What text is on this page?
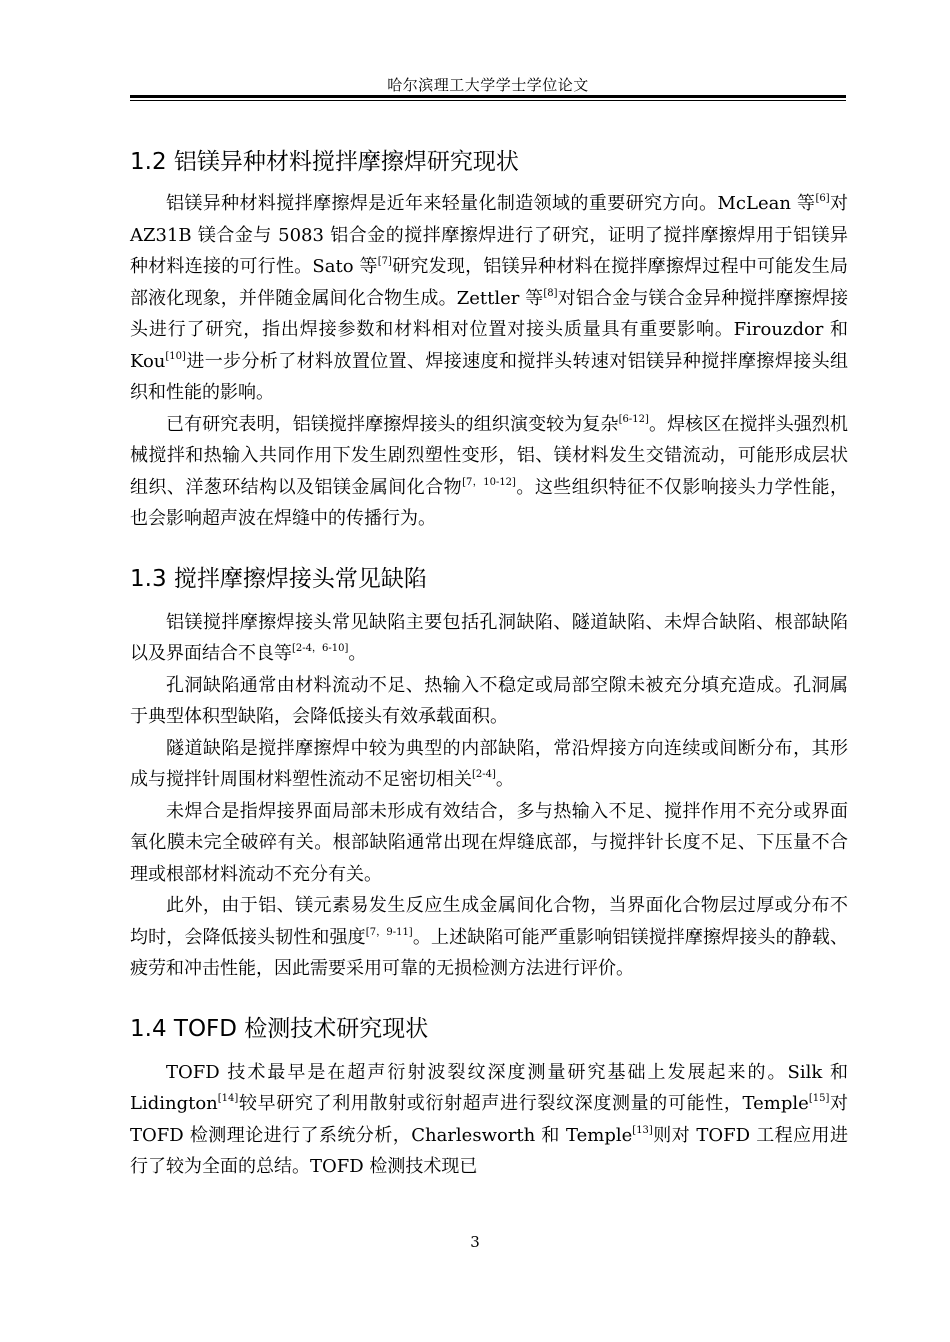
哈尔滨理工大学学士学位论文
1.2 铝镁异种材料搅拌摩擦焊研究现状

铝镁异种材料搅拌摩擦焊是近年来轻量化制造领域的重要研究方向。McLean 等[6]对 AZ31B 镁合金与 5083 铝合金的搅拌摩擦焊进行了研究，证明了搅拌摩擦焊用于铝镁异种材料连接的可行性。Sato 等[7]研究发现，铝镁异种材料在搅拌摩擦焊过程中可能发生局部液化现象，并伴随金属间化合物生成。Zettler 等[8]对铝合金与镁合金异种搅拌摩擦焊接头进行了研究，指出焊接参数和材料相对位置对接头质量具有重要影响。Firouzdor 和 Kou[10]进一步分析了材料放置位置、焊接速度和搅拌头转速对铝镁异种搅拌摩擦焊接头组织和性能的影响。

已有研究表明，铝镁搅拌摩擦焊接头的组织演变较为复杂[6-12]。焊核区在搅拌头强烈机械搅拌和热输入共同作用下发生剧烈塑性变形，铝、镁材料发生交错流动，可能形成层状组织、洋葱环结构以及铝镁金属间化合物[7，10-12]。这些组织特征不仅影响接头力学性能，也会影响超声波在焊缝中的传播行为。

1.3 搅拌摩擦焊接头常见缺陷

铝镁搅拌摩擦焊接头常见缺陷主要包括孔洞缺陷、隧道缺陷、未焊合缺陷、根部缺陷以及界面结合不良等[2-4，6-10]。

孔洞缺陷通常由材料流动不足、热输入不稳定或局部空隙未被充分填充造成。孔洞属于典型体积型缺陷，会降低接头有效承载面积。

隧道缺陷是搅拌摩擦焊中较为典型的内部缺陷，常沿焊接方向连续或间断分布，其形成与搅拌针周围材料塑性流动不足密切相关[2-4]。

未焊合是指焊接界面局部未形成有效结合，多与热输入不足、搅拌作用不充分或界面氧化膜未完全破碎有关。根部缺陷通常出现在焊缝底部，与搅拌针长度不足、下压量不合理或根部材料流动不充分有关。

此外，由于铝、镁元素易发生反应生成金属间化合物，当界面化合物层过厚或分布不均时，会降低接头韧性和强度[7，9-11]。上述缺陷可能严重影响铝镁搅拌摩擦焊接头的静载、疲劳和冲击性能，因此需要采用可靠的无损检测方法进行评价。

1.4 TOFD 检测技术研究现状

TOFD 技术最早是在超声衍射波裂纹深度测量研究基础上发展起来的。Silk 和 Lidington[14]较早研究了利用散射或衍射超声进行裂纹深度测量的可能性，Temple[15]对 TOFD 检测理论进行了系统分析，Charlesworth 和 Temple[13]则对 TOFD 工程应用进行了较为全面的总结。TOFD 检测技术现已

3
